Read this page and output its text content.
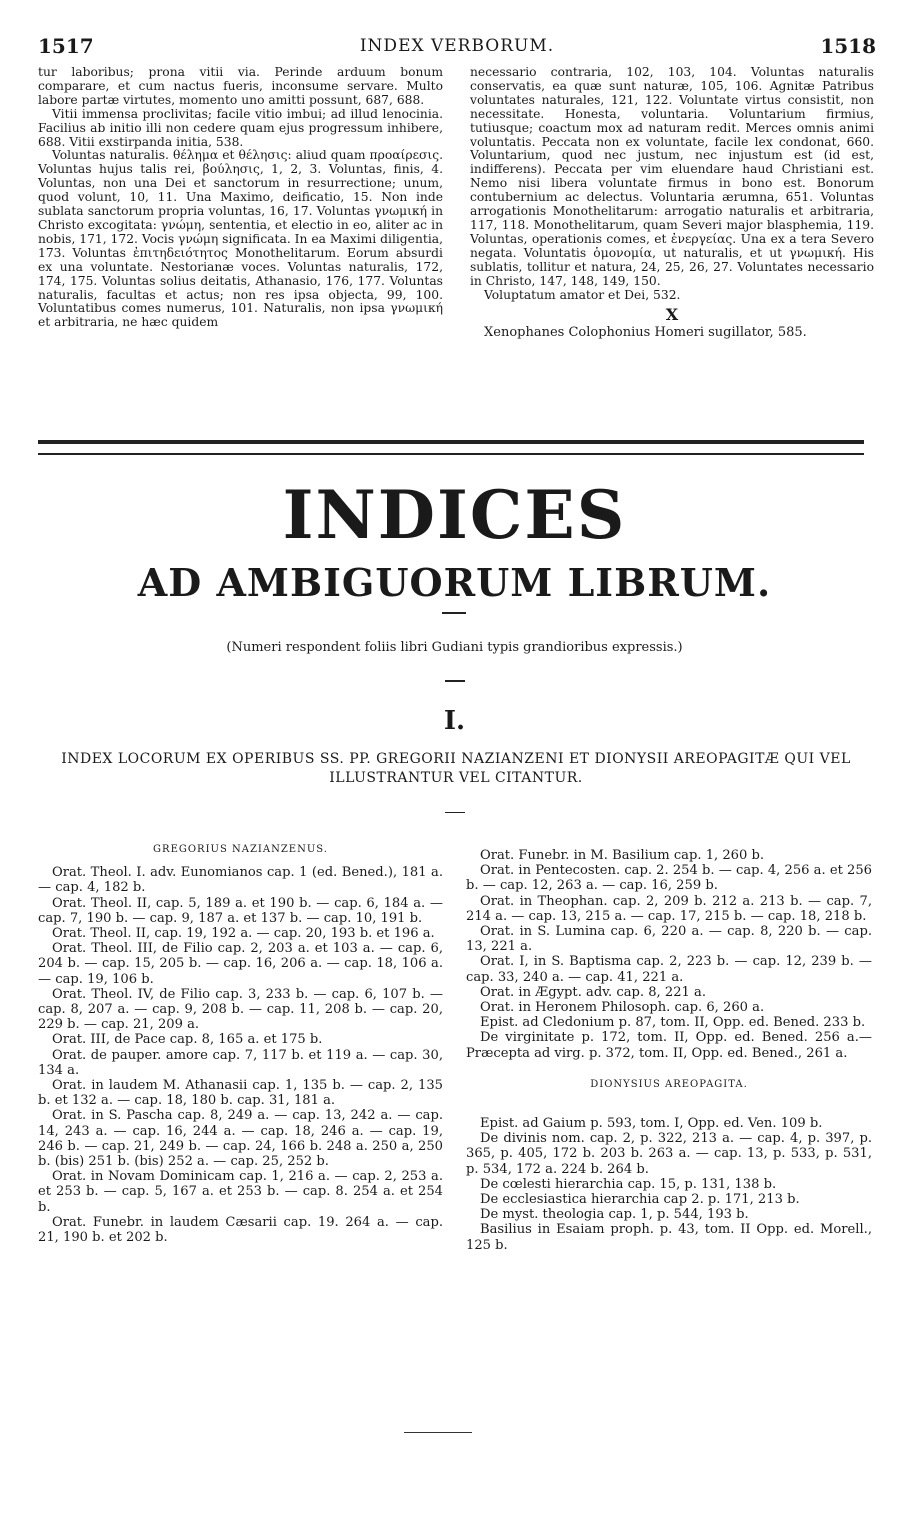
1517	INDEX VERBORUM.	1518

tur laboribus; prona vitii via. Perinde arduum bonum comparare, et cum nactus fueris, inconsume servare. Multo labore partæ virtutes, momento uno amitti possunt, 687, 688.

Vitii immensa proclivitas; facile vitio imbui; ad illud lenocinia. Facilius ab initio illi non cedere quam ejus progressum inhibere, 688. Vitii exstirpanda initia, 538.

Voluntas naturalis. θέλημα et θέλησις: aliud quam προαίρεσις. Voluntas hujus talis rei, βούλησις, 1, 2, 3. Voluntas, finis, 4. Voluntas, non una Dei et sanctorum in resurrectione; unum, quod volunt, 10, 11. Una Maximo, deificatio, 15. Non inde sublata sanctorum propria voluntas, 16, 17. Voluntas γνωμική in Christo excogitata: γνώμη, sententia, et electio in eo, aliter ac in nobis, 171, 172. Vocis γνώμη significata. In ea Maximi diligentia, 173. Voluntas ἐπιτηδειότητος Monothelitarum. Eorum absurdi ex una voluntate. Nestorianæ voces. Voluntas naturalis, 172, 174, 175. Voluntas solius deitatis, Athanasio, 176, 177. Voluntas naturalis, facultas et actus; non res ipsa objecta, 99, 100. Voluntatibus comes numerus, 101. Naturalis, non ipsa γνωμική et arbitraria, ne hæc quidem

necessario contraria, 102, 103, 104. Voluntas naturalis conservatis, ea quæ sunt naturæ, 105, 106. Agnitæ Patribus voluntates naturales, 121, 122. Voluntate virtus consistit, non necessitate. Honesta, voluntaria. Voluntarium firmius, tutiusque; coactum mox ad naturam redit. Merces omnis animi voluntatis. Peccata non ex voluntate, facile lex condonat, 660. Voluntarium, quod nec justum, nec injustum est (id est, indifferens). Peccata per vim eluendare haud Christiani est. Nemo nisi libera voluntate firmus in bono est. Bonorum contubernium ac delectus. Voluntaria ærumna, 651. Voluntas arrogationis Monothelitarum: arrogatio naturalis et arbitraria, 117, 118. Monothelitarum, quam Severi major blasphemia, 119. Voluntas, operationis comes, et ἐνεργείας. Una ex a tera Severo negata. Voluntatis ὁμονομία, ut naturalis, et ut γνωμική. His sublatis, tollitur et natura, 24, 25, 26, 27. Voluntates necessario in Christo, 147, 148, 149, 150.

Voluptatum amator et Dei, 532.

X

Xenophanes Colophonius Homeri sugillator, 585.

INDICES
AD AMBIGUORUM LIBRUM.
(Numeri respondent foliis libri Gudiani typis grandioribus expressis.)
I.
INDEX LOCORUM EX OPERIBUS SS. PP. GREGORII NAZIANZENI ET DIONYSII AREOPAGITÆ QUI VEL
ILLUSTRANTUR VEL CITANTUR.
GREGORIUS NAZIANZENUS.

Orat. Theol. I. adv. Eunomianos cap. 1 (ed. Bened.), 181 a.— cap. 4, 182 b.

Orat. Theol. II, cap. 5, 189 a. et 190 b. — cap. 6, 184 a. — cap. 7, 190 b. — cap. 9, 187 a. et 137 b. — cap. 10, 191 b.

Orat. Theol. II, cap. 19, 192 a. — cap. 20, 193 b. et 196 a.

Orat. Theol. III, de Filio cap. 2, 203 a. et 103 a. — cap. 6, 204 b. — cap. 15, 205 b. — cap. 16, 206 a. — cap. 18, 106 a. — cap. 19, 106 b.

Orat. Theol. IV, de Filio cap. 3, 233 b. — cap. 6, 107 b. — cap. 8, 207 a. — cap. 9, 208 b. — cap. 11, 208 b. — cap. 20, 229 b. — cap. 21, 209 a.

Orat. III, de Pace cap. 8, 165 a. et 175 b.

Orat. de pauper. amore cap. 7, 117 b. et 119 a. — cap. 30, 134 a.

Orat. in laudem M. Athanasii cap. 1, 135 b. — cap. 2, 135 b. et 132 a. — cap. 18, 180 b. cap. 31, 181 a.

Orat. in S. Pascha cap. 8, 249 a. — cap. 13, 242 a. — cap. 14, 243 a. — cap. 16, 244 a. — cap. 18, 246 a. — cap. 19, 246 b. — cap. 21, 249 b. — cap. 24, 166 b. 248 a. 250 a, 250 b. (bis) 251 b. (bis) 252 a. — cap. 25, 252 b.

Orat. in Novam Dominicam cap. 1, 216 a. — cap. 2, 253 a. et 253 b. — cap. 5, 167 a. et 253 b. — cap. 8. 254 a. et 254 b.

Orat. Funebr. in laudem Cæsarii cap. 19. 264 a. — cap. 21, 190 b. et 202 b.

Orat. Funebr. in M. Basilium cap. 1, 260 b.

Orat. in Pentecosten. cap. 2. 254 b. — cap. 4, 256 a. et 256 b. — cap. 12, 263 a. — cap. 16, 259 b.

Orat. in Theophan. cap. 2, 209 b. 212 a. 213 b. — cap. 7, 214 a. — cap. 13, 215 a. — cap. 17, 215 b. — cap. 18, 218 b.

Orat. in S. Lumina cap. 6, 220 a. — cap. 8, 220 b. — cap. 13, 221 a.

Orat. I, in S. Baptisma cap. 2, 223 b. — cap. 12, 239 b. — cap. 33, 240 a. — cap. 41, 221 a.

Orat. in Ægypt. adv. cap. 8, 221 a.

Orat. in Heronem Philosoph. cap. 6, 260 a.

Epist. ad Cledonium p. 87, tom. II, Opp. ed. Bened. 233 b.

De virginitate p. 172, tom. II, Opp. ed. Bened. 256 a.—Præcepta ad virg. p. 372, tom. II, Opp. ed. Bened., 261 a.

DIONYSIUS AREOPAGITA.

Epist. ad Gaium p. 593, tom. I, Opp. ed. Ven. 109 b.

De divinis nom. cap. 2, p. 322, 213 a. — cap. 4, p. 397, p. 365, p. 405, 172 b. 203 b. 263 a. — cap. 13, p. 533, p. 531, p. 534, 172 a. 224 b. 264 b.

De cœlesti hierarchia cap. 15, p. 131, 138 b.

De ecclesiastica hierarchia cap 2. p. 171, 213 b.

De myst. theologia cap. 1, p. 544, 193 b.

Basilius in Esaiam proph. p. 43, tom. II Opp. ed. Morell., 125 b.
